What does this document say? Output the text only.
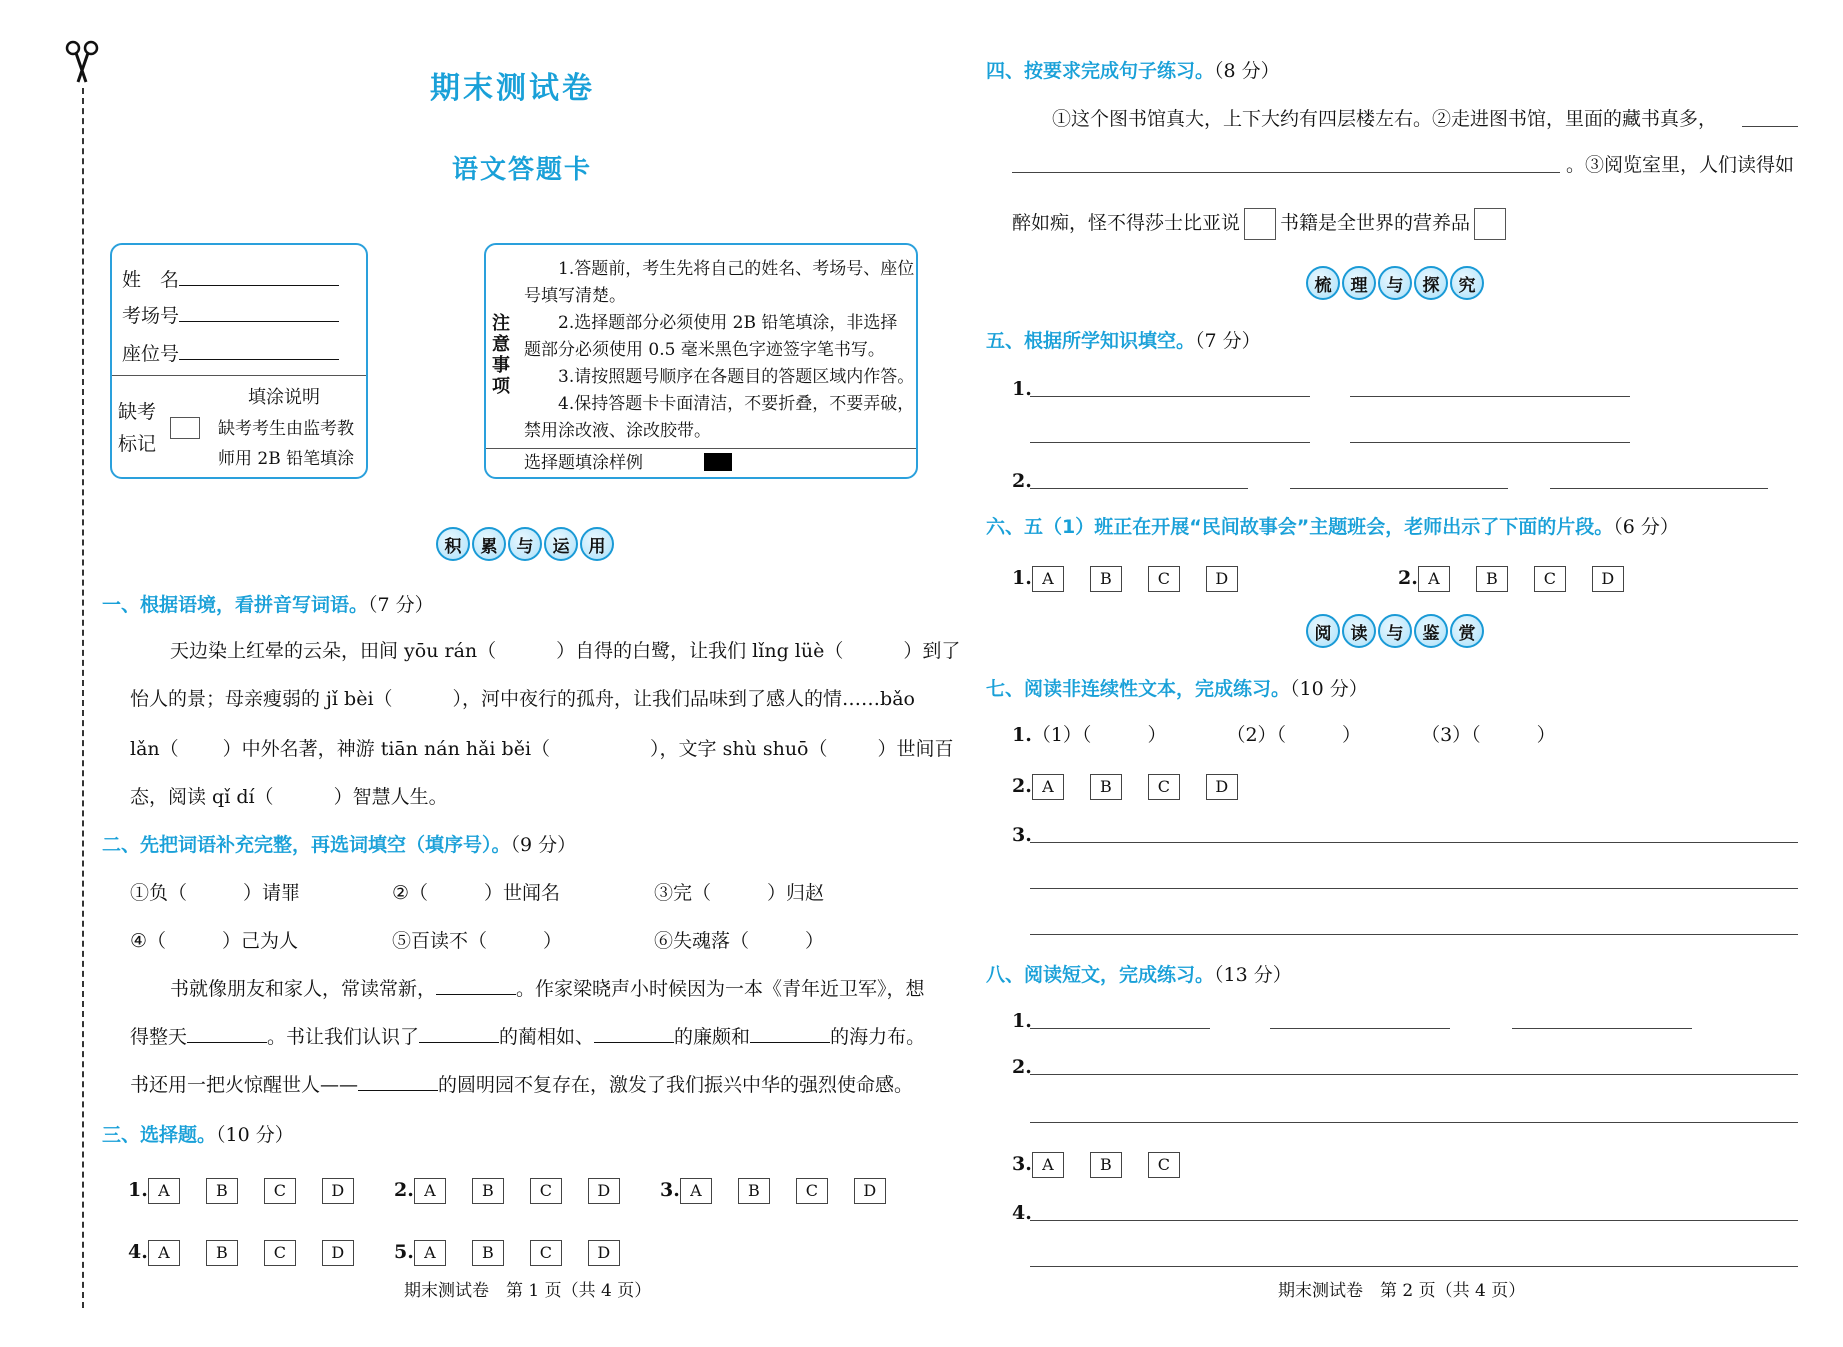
期末测试卷
语文答题卡
姓　名
考场号
座位号
缺考
标记
填涂说明
缺考考生由监考教
师用 2B 铅笔填涂
注
意
事
项
1.答题前，考生先将自己的姓名、考场号、座位
号填写清楚。
2.选择题部分必须使用 2B 铅笔填涂，非选择
题部分必须使用 0.5 毫米黑色字迹签字笔书写。
3.请按照题号顺序在各题目的答题区域内作答。
4.保持答题卡卡面清洁，不要折叠，不要弄破，
禁用涂改液、涂改胶带。
选择题填涂样例
积	累	与	运	用
一、根据语境，看拼音写词语。（7 分）
天边染上红晕的云朵，田间 yōu rán（	）自得的白鹭，让我们 lǐng lüè（	）到了
怡人的景；母亲瘦弱的 jǐ bèi（	），河中夜行的孤舟，让我们品味到了感人的情……bǎo
lǎn（ ）中外名著，神游 tiān nán hǎi běi（	），文字 shù shuō（	）世间百
态，阅读 qǐ dí（	）智慧人生。
二、先把词语补充完整，再选词填空（填序号）。（9 分）
①负（	）请罪	②（	）世闻名	③完（	）归赵
④（	）己为人	⑤百读不（	）	⑥失魂落（	）
书就像朋友和家人，常读常新，	。作家梁晓声小时候因为一本《青年近卫军》，想
得整天	。书让我们认识了	的蔺相如、	的廉颇和	的海力布。
书还用一把火惊醒世人——	的圆明园不复存在，激发了我们振兴中华的强烈使命感。
三、选择题。（10 分）
1. A	B	C	D	2. A	B	C	D	3. A	B	C	D
4. A	B	C	D	5. A	B	C	D
期末测试卷　第 1 页（共 4 页）
四、按要求完成句子练习。（8 分）
①这个图书馆真大，上下大约有四层楼左右。②走进图书馆，里面的藏书真多，
。③阅览室里，人们读得如
醉如痴，怪不得莎士比亚说 书籍是全世界的营养品
梳	理	与	探	究
五、根据所学知识填空。（7 分）
1.
2.
六、五（1）班正在开展“民间故事会”主题班会，老师出示了下面的片段。（6 分）
1. A	B	C	D	2. A	B	C	D
阅	读	与	鉴	赏
七、阅读非连续性文本，完成练习。（10 分）
1.（1）（	）	（2）（	）	（3）（	）
2. A	B	C	D
3.
八、阅读短文，完成练习。（13 分）
1.
2.
3. A	B	C
4.
期末测试卷　第 2 页（共 4 页）
